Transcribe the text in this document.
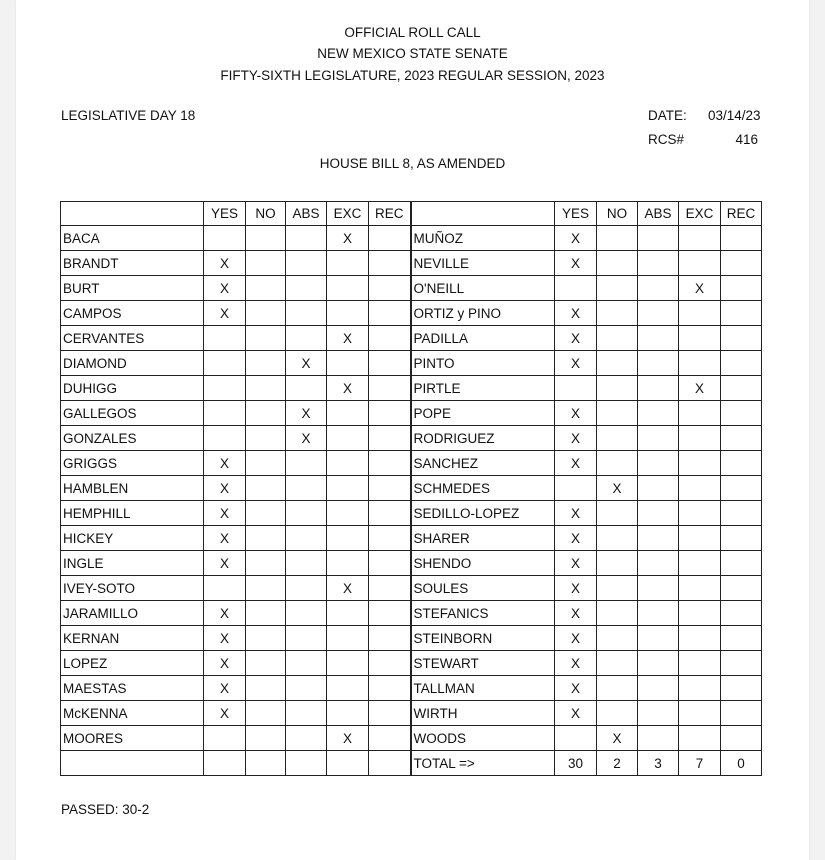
OFFICIAL ROLL CALL
NEW MEXICO STATE SENATE
FIFTY-SIXTH LEGISLATURE, 2023 REGULAR SESSION, 2023
LEGISLATIVE DAY 18	DATE: 03/14/23
RCS#	416
HOUSE BILL 8, AS AMENDED
	YES	NO	ABS	EXC	REC		YES	NO	ABS	EXC	REC
BACA				X		MUÑOZ	X				
BRANDT	X					NEVILLE	X				
BURT	X					O'NEILL				X	
CAMPOS	X					ORTIZ y PINO	X				
CERVANTES				X		PADILLA	X				
DIAMOND			X			PINTO	X				
DUHIGG				X		PIRTLE				X	
GALLEGOS			X			POPE	X				
GONZALES			X			RODRIGUEZ	X				
GRIGGS	X					SANCHEZ	X				
HAMBLEN	X					SCHMEDES		X			
HEMPHILL	X					SEDILLO-LOPEZ	X				
HICKEY	X					SHARER	X				
INGLE	X					SHENDO	X				
IVEY-SOTO				X		SOULES	X				
JARAMILLO	X					STEFANICS	X				
KERNAN	X					STEINBORN	X				
LOPEZ	X					STEWART	X				
MAESTAS	X					TALLMAN	X				
McKENNA	X					WIRTH	X				
MOORES				X		WOODS		X			
						TOTAL =>	30	2	3	7	0
PASSED: 30-2
